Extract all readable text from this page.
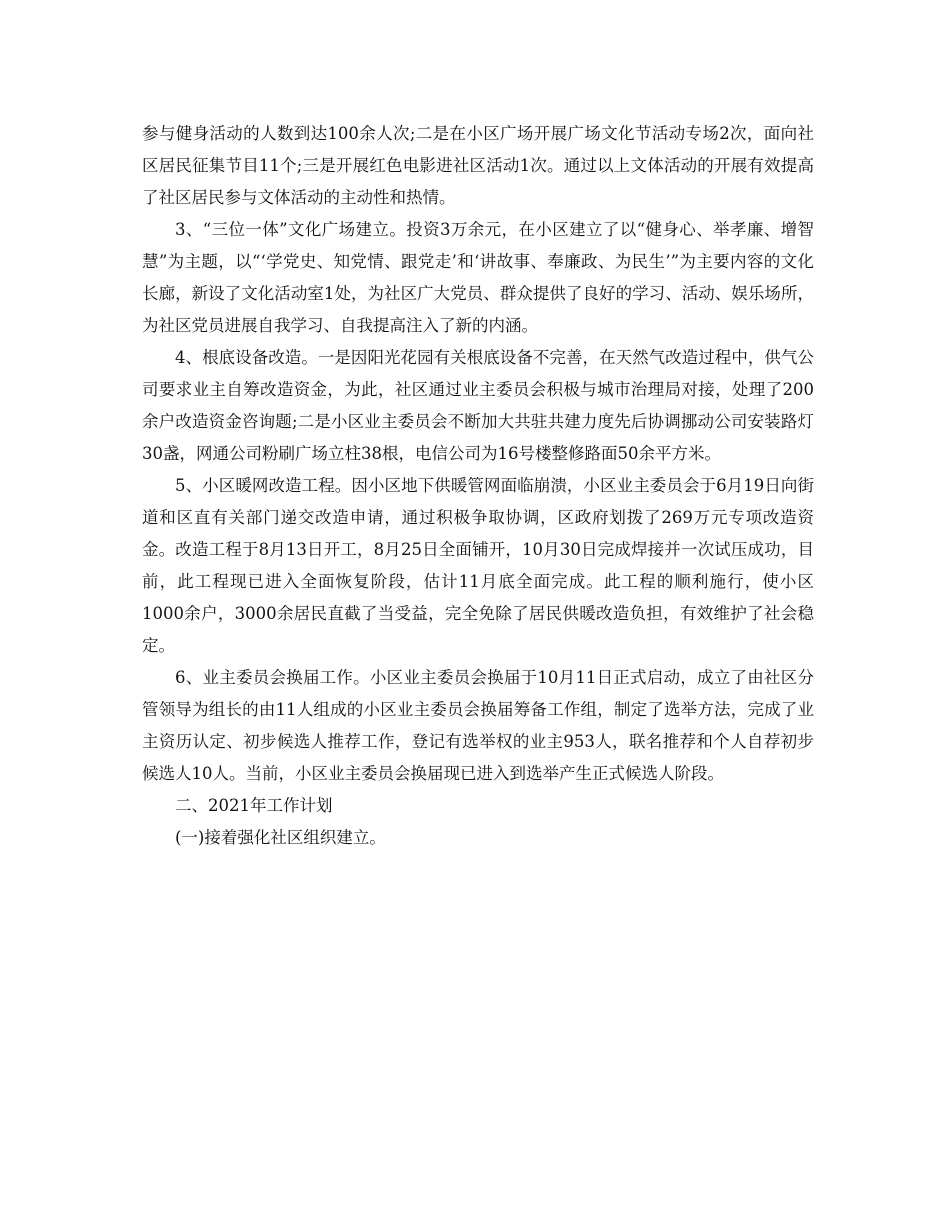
参与健身活动的人数到达100余人次;二是在小区广场开展广场文化节活动专场2次，面向社区居民征集节目11个;三是开展红色电影进社区活动1次。通过以上文体活动的开展有效提高了社区居民参与文体活动的主动性和热情。

3、“三位一体”文化广场建立。投资3万余元，在小区建立了以“健身心、举孝廉、增智慧”为主题，以“‘学党史、知党情、跟党走’和‘讲故事、奉廉政、为民生’”为主要内容的文化长廊，新设了文化活动室1处，为社区广大党员、群众提供了良好的学习、活动、娱乐场所，为社区党员进展自我学习、自我提高注入了新的内涵。

4、根底设备改造。一是因阳光花园有关根底设备不完善，在天然气改造过程中，供气公司要求业主自筹改造资金，为此，社区通过业主委员会积极与城市治理局对接，处理了200余户改造资金咨询题;二是小区业主委员会不断加大共驻共建力度先后协调挪动公司安装路灯30盏，网通公司粉刷广场立柱38根，电信公司为16号楼整修路面50余平方米。

5、小区暖网改造工程。因小区地下供暖管网面临崩溃，小区业主委员会于6月19日向街道和区直有关部门递交改造申请，通过积极争取协调，区政府划拨了269万元专项改造资金。改造工程于8月13日开工，8月25日全面铺开，10月30日完成焊接并一次试压成功，目前，此工程现已进入全面恢复阶段，估计11月底全面完成。此工程的顺利施行，使小区1000余户，3000余居民直截了当受益，完全免除了居民供暖改造负担，有效维护了社会稳定。

6、业主委员会换届工作。小区业主委员会换届于10月11日正式启动，成立了由社区分管领导为组长的由11人组成的小区业主委员会换届筹备工作组，制定了选举方法，完成了业主资历认定、初步候选人推荐工作，登记有选举权的业主953人，联名推荐和个人自荐初步候选人10人。当前，小区业主委员会换届现已进入到选举产生正式候选人阶段。

二、2021年工作计划

(一)接着强化社区组织建立。
